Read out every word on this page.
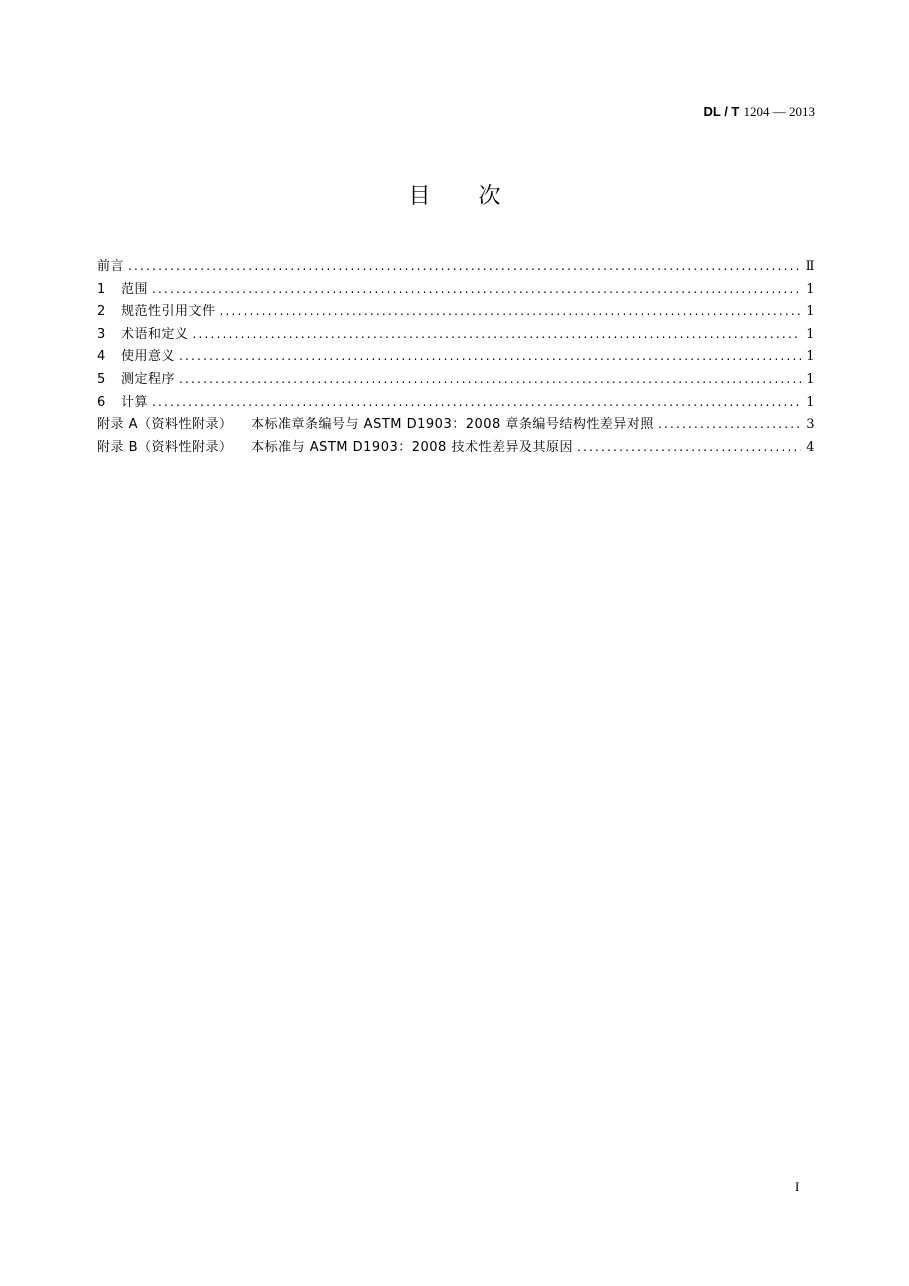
DL / T 1204 — 2013
目次
前言 .....	Ⅱ
1	范围 .....	1
2	规范性引用文件 .....	1
3	术语和定义 .....	1
4	使用意义 .....	1
5	测定程序 .....	1
6	计算 .....	1
附录 A（资料性附录）    本标准章条编号与 ASTM D1903：2008 章条编号结构性差异对照 .....	3
附录 B（资料性附录）    本标准与 ASTM D1903：2008 技术性差异及其原因 .....	4
I
